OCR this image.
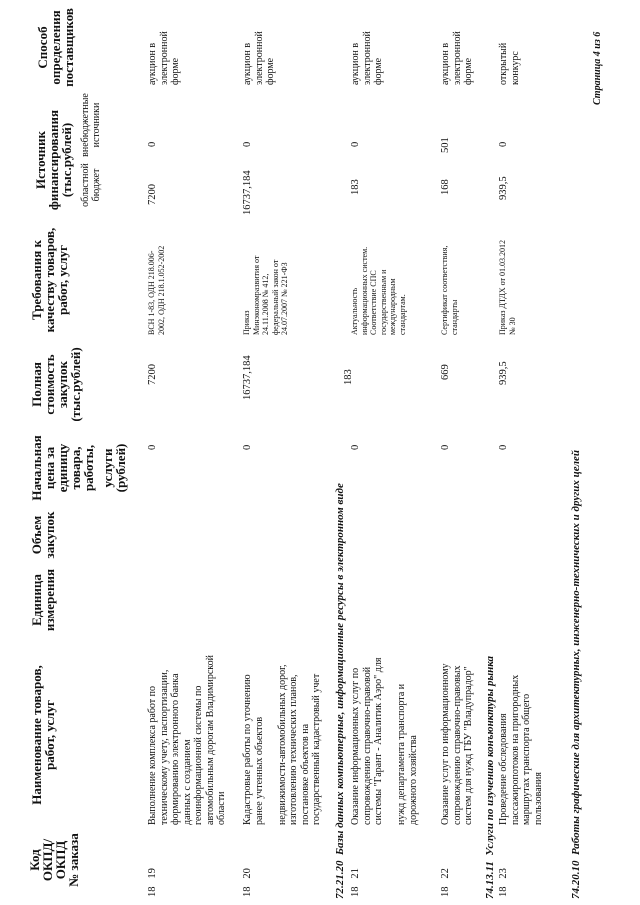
Код
ОКПД/
ОКПД
№ заказа
Наименование товаров,
работ, услуг
Единица
измерения
Объем
закупок
Начальная
цена за
единицу
товара,
работы, услуги
(рублей)
Полная
стоимость
закупок
(тыс.рублей)
Требования к
качеству товаров,
работ, услуг
Источник
финансирования
(тыс.рублей) областной бюджет
внебюджетные источники
Способ
определения
поставщиков
18   19
Выполнение комплекса работ по техническому учету, паспортизации, формированию электронного банка данных с созданием геоинформационной системы по автомобильным дорогам Владимирской области
0
7200
ВСН 1-83, ОДН 218.006- 2002, ОДН 218.1.052-2002
7200
0
аукцион в электронной форме
18   20
Кадастровые работы по уточнению ранее учтенных объектов недвижимости-автомобильных дорог, изготовлению технических планов, постановке объектов на государственный кадастровый учет
0
16737,184
Приказ Минэкономразвития от 24.11.2008 № 412, федеральный закон от 24.07.2007 № 221-ФЗ
16737,184
0
аукцион в электронной форме
72.21.20  Базы данных компьютерные, информационные ресурсы в электронном виде
18   21
Оказание информационных услуг по сопровождению справочно-правовой системы "Гарант - Аналитик Аэро" для нужд департамента транспорта и дорожного хозяйства
0
183
Актуальность информационных систем. Соответствие СПС государственным и международным стандартам.
183
0
аукцион в электронной форме
18   22
Оказание услуг по информационному сопровождению справочно-правовых систем для нужд ГБУ "Владупрадор"
0
669
Сертификат соответствия, стандарты
168
501
аукцион в электронной форме
74.13.11  Услуги по изучению конъюнктуры рынка
18   23
Проведение обследования пассажиропотоков на пригородных маршрутах транспорта общего пользования
0
939,5
Приказ ДТДХ от 01.03.2012 № 30
939,5
0
открытый конкурс
74.20.10  Работы графические для архитектурных, инженерно-технических и других целей
Страница 4 из 6
